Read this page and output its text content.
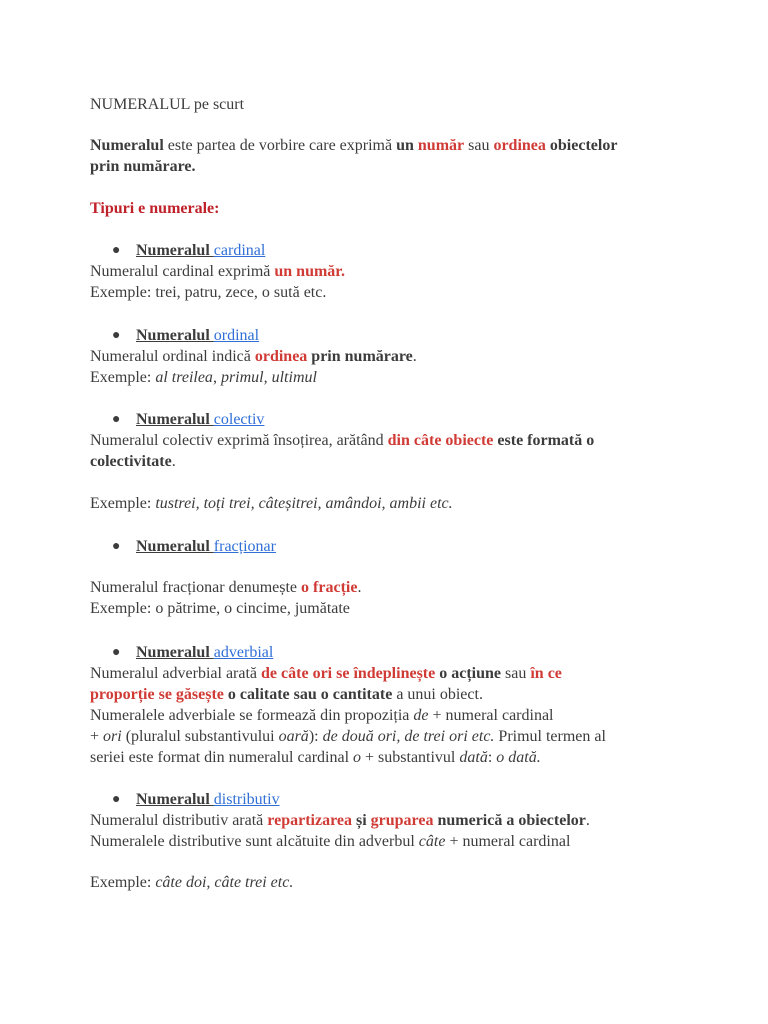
NUMERALUL pe scurt
Numeralul este partea de vorbire care exprimă un număr sau ordinea obiectelor
prin numărare.
Tipuri e numerale:
● Numeralul cardinal
Numeralul cardinal exprimă un număr.
Exemple: trei, patru, zece, o sută etc.
● Numeralul ordinal
Numeralul ordinal indică ordinea prin numărare.
Exemple: al treilea, primul, ultimul
● Numeralul colectiv
Numeralul colectiv exprimă însoțirea, arătând din câte obiecte este formată o
colectivitate.
Exemple: tustrei, toți trei, câteșitrei, amândoi, ambii etc.
● Numeralul fracționar
Numeralul fracționar denumește o fracție.
Exemple: o pătrime, o cincime, jumătate
● Numeralul adverbial
Numeralul adverbial arată de câte ori se îndeplinește o acțiune sau în ce
proporție se găsește o calitate sau o cantitate a unui obiect.
Numeralele adverbiale se formează din propoziția de + numeral cardinal
+ ori (pluralul substantivului oară): de două ori, de trei ori etc. Primul termen al
seriei este format din numeralul cardinal o + substantivul dată: o dată.
● Numeralul distributiv
Numeralul distributiv arată repartizarea și gruparea numerică a obiectelor.
Numeralele distributive sunt alcătuite din adverbul câte + numeral cardinal
Exemple: câte doi, câte trei etc.
